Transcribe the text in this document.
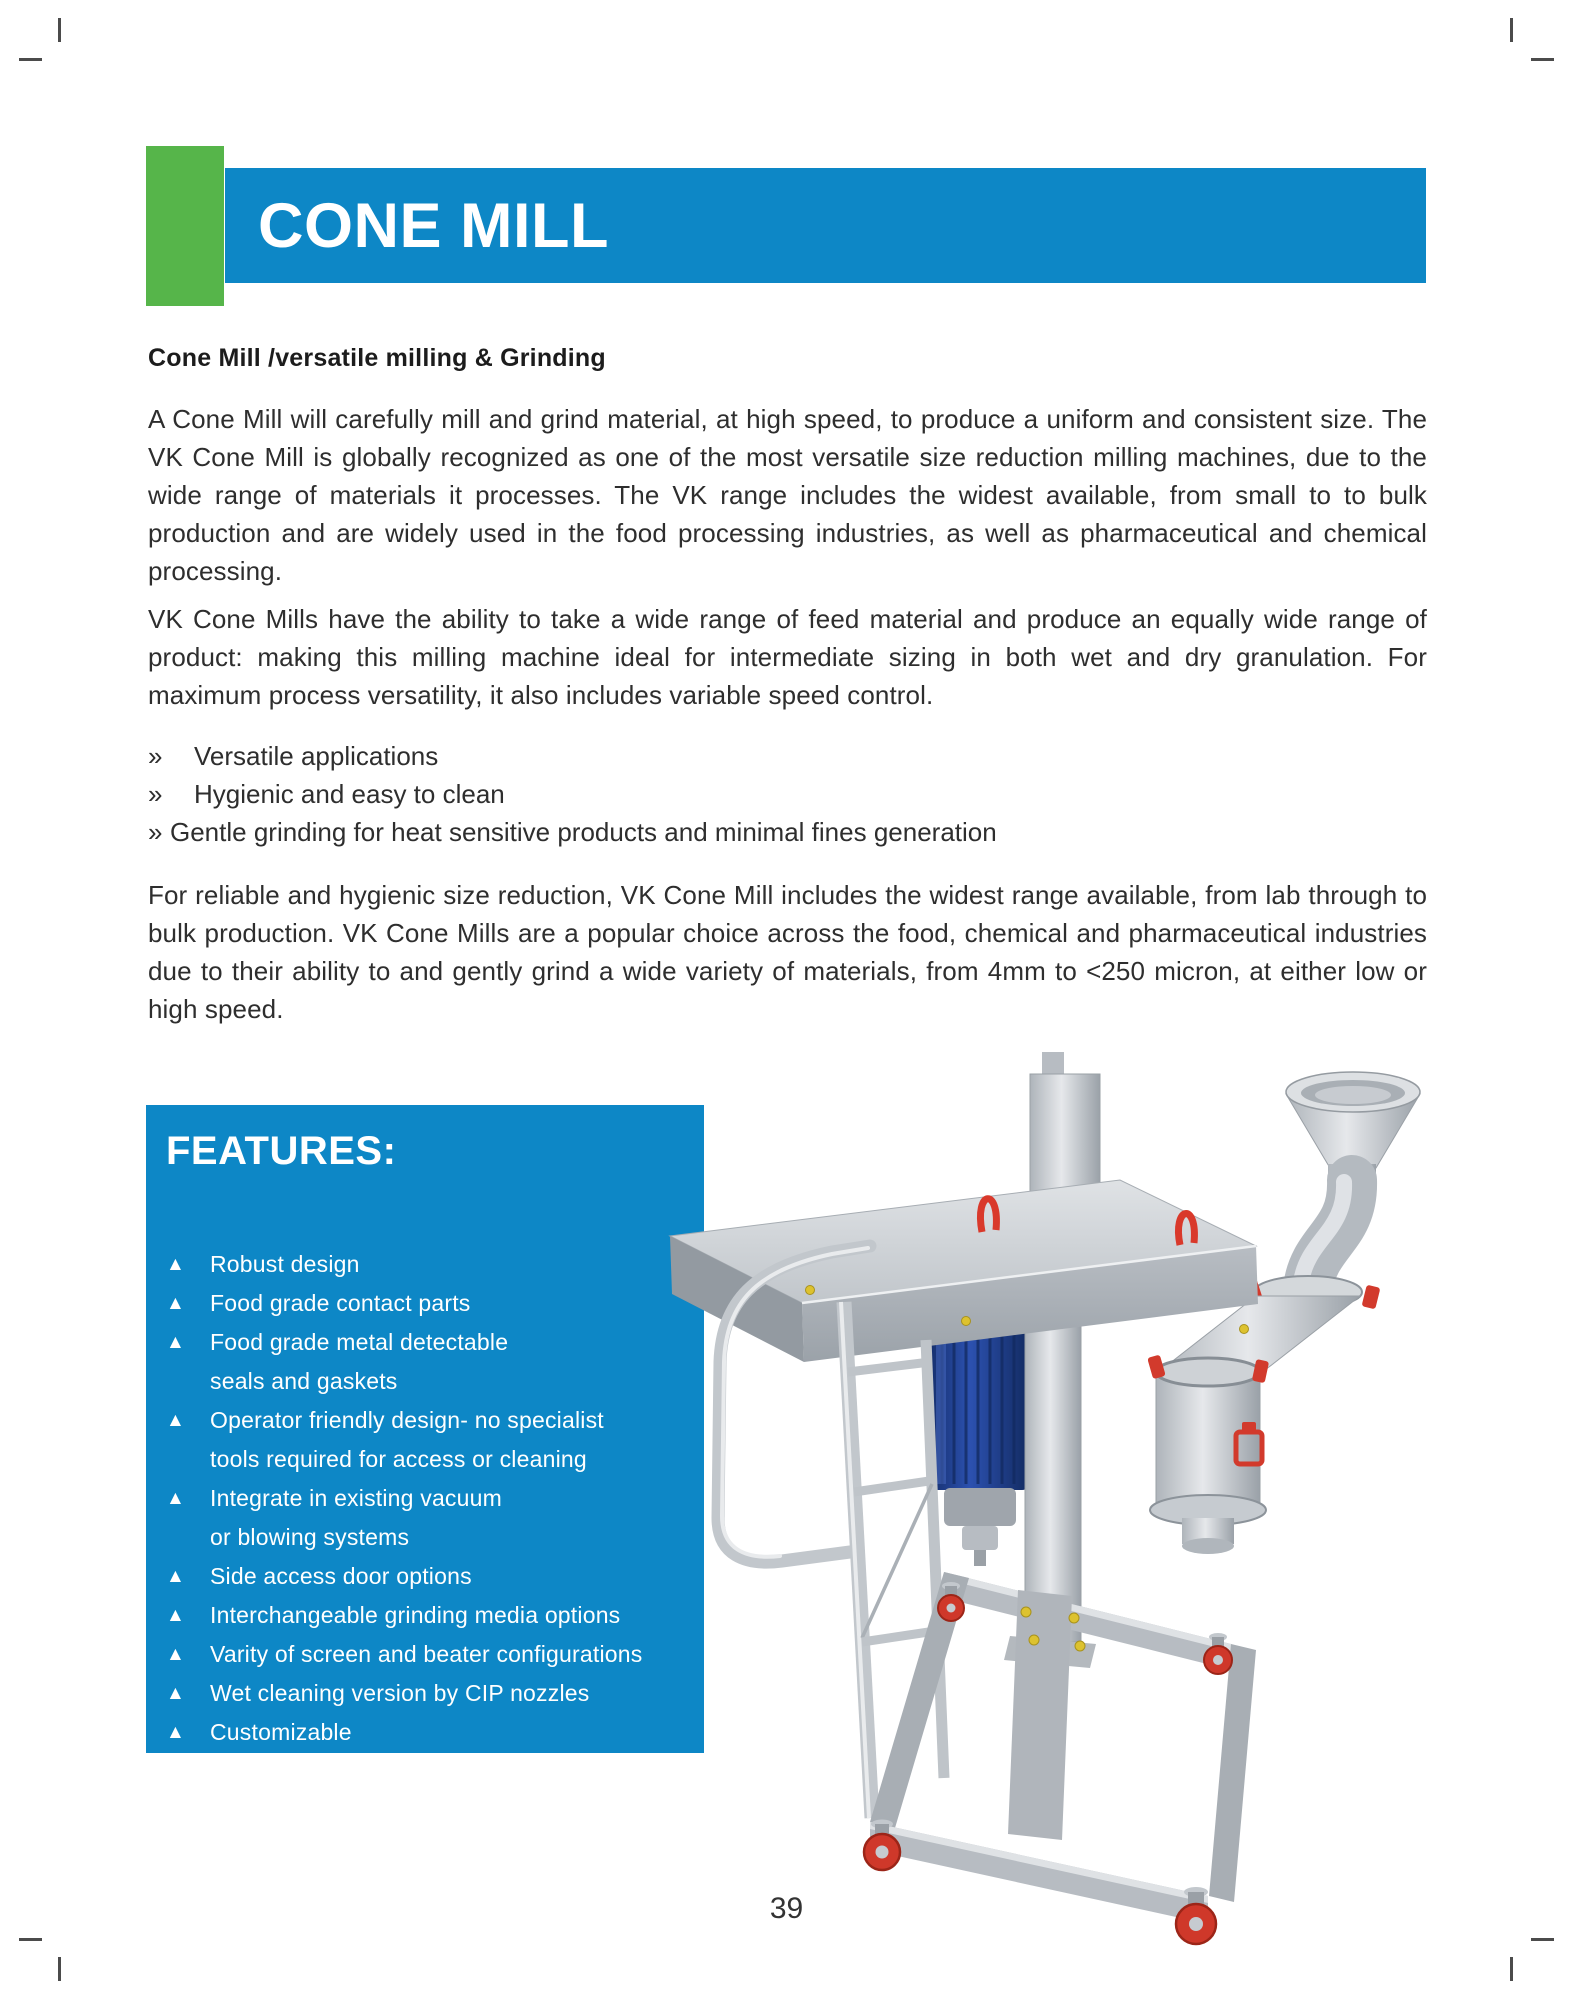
CONE MILL
Cone Mill /versatile milling & Grinding
A Cone Mill will carefully mill and grind material, at high speed, to produce a uniform and consistent size. The VK Cone Mill is globally recognized as one of the most versatile size reduction milling machines, due to the wide range of materials it processes. The VK range includes the widest available, from small to to bulk production and are widely used in the food processing industries, as well as pharmaceutical and chemical processing.
VK Cone Mills have the ability to take a wide range of feed material and produce an equally wide range of product: making this milling machine ideal for intermediate sizing in both wet and dry granulation. For maximum process versatility, it also includes variable speed control.
»	Versatile applications
»	Hygienic and easy to clean
» Gentle grinding for heat sensitive products and minimal fines generation
For reliable and hygienic size reduction, VK Cone Mill includes the widest range available, from lab through to bulk production. VK Cone Mills are a popular choice across the food, chemical and pharmaceutical industries due to their ability to and gently grind a wide variety of materials, from 4mm to <250 micron, at either low or high speed.
FEATURES:
▲	Robust design
▲	Food grade contact parts
▲	Food grade metal detectable
seals and gaskets
▲	Operator friendly design- no specialist
tools required for access or cleaning
▲	Integrate in existing vacuum
or blowing systems
▲	Side access door options
▲	Interchangeable grinding media options
▲	Varity of screen and beater configurations
▲	Wet cleaning version by CIP nozzles
▲	Customizable
39
